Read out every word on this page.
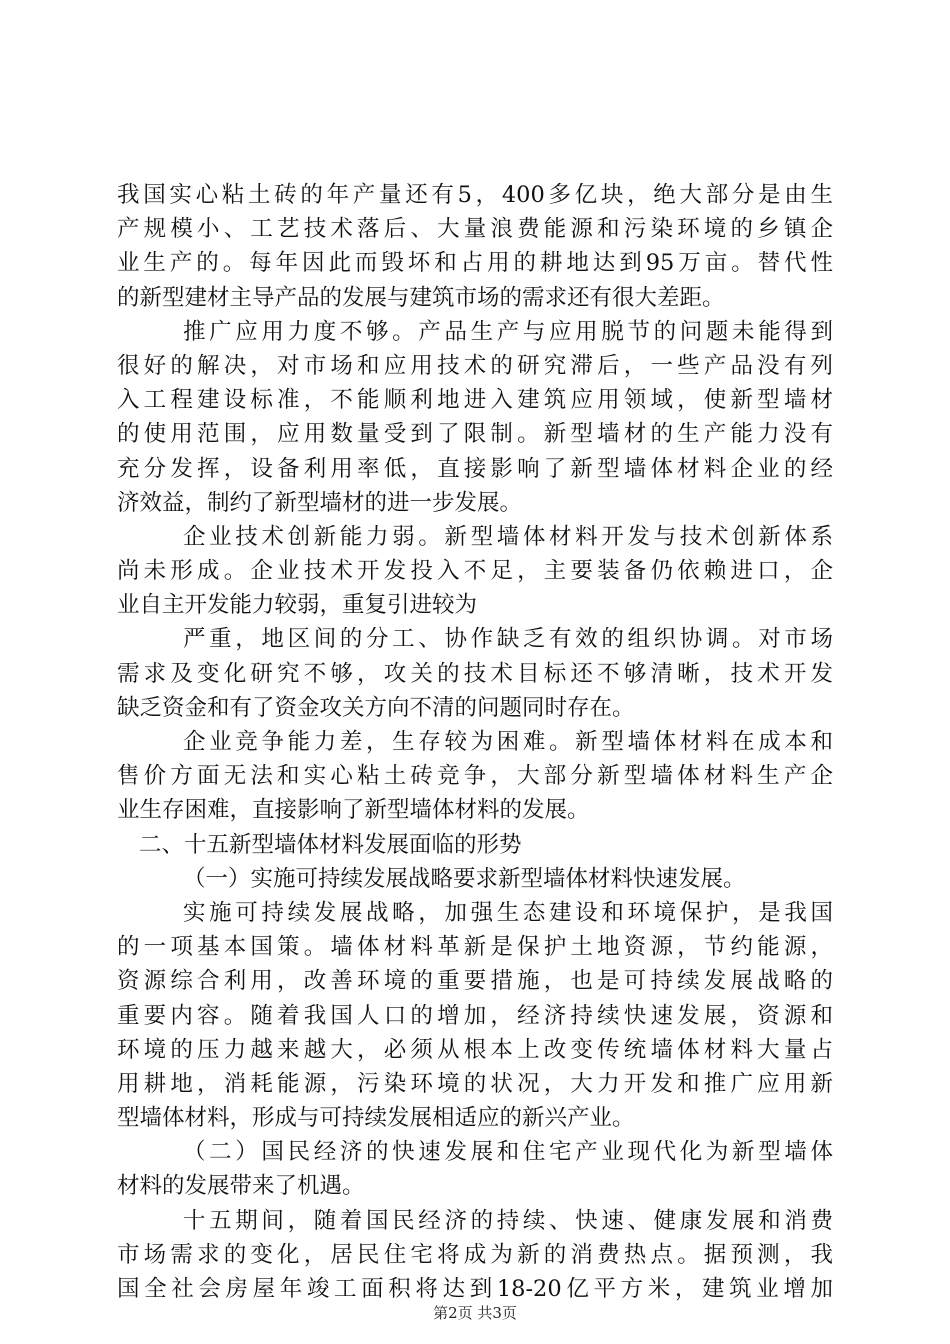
我国实心粘土砖的年产量还有5，400多亿块，绝大部分是由生
产规模小、工艺技术落后、大量浪费能源和污染环境的乡镇企
业生产的。每年因此而毁坏和占用的耕地达到95万亩。替代性
的新型建材主导产品的发展与建筑市场的需求还有很大差距。
推广应用力度不够。产品生产与应用脱节的问题未能得到
很好的解决，对市场和应用技术的研究滞后，一些产品没有列
入工程建设标准，不能顺利地进入建筑应用领域，使新型墙材
的使用范围，应用数量受到了限制。新型墙材的生产能力没有
充分发挥，设备利用率低，直接影响了新型墙体材料企业的经
济效益，制约了新型墙材的进一步发展。
企业技术创新能力弱。新型墙体材料开发与技术创新体系
尚未形成。企业技术开发投入不足，主要装备仍依赖进口，企
业自主开发能力较弱，重复引进较为
严重，地区间的分工、协作缺乏有效的组织协调。对市场
需求及变化研究不够，攻关的技术目标还不够清晰，技术开发
缺乏资金和有了资金攻关方向不清的问题同时存在。
企业竞争能力差，生存较为困难。新型墙体材料在成本和
售价方面无法和实心粘土砖竞争，大部分新型墙体材料生产企
业生存困难，直接影响了新型墙体材料的发展。
二、十五新型墙体材料发展面临的形势
（一）实施可持续发展战略要求新型墙体材料快速发展。
实施可持续发展战略，加强生态建设和环境保护，是我国
的一项基本国策。墙体材料革新是保护土地资源，节约能源，
资源综合利用，改善环境的重要措施，也是可持续发展战略的
重要内容。随着我国人口的增加，经济持续快速发展，资源和
环境的压力越来越大，必须从根本上改变传统墙体材料大量占
用耕地，消耗能源，污染环境的状况，大力开发和推广应用新
型墙体材料，形成与可持续发展相适应的新兴产业。
（二）国民经济的快速发展和住宅产业现代化为新型墙体
材料的发展带来了机遇。
十五期间，随着国民经济的持续、快速、健康发展和消费
市场需求的变化，居民住宅将成为新的消费热点。据预测，我
国全社会房屋年竣工面积将达到18-20亿平方米，建筑业增加
第2页 共3页
